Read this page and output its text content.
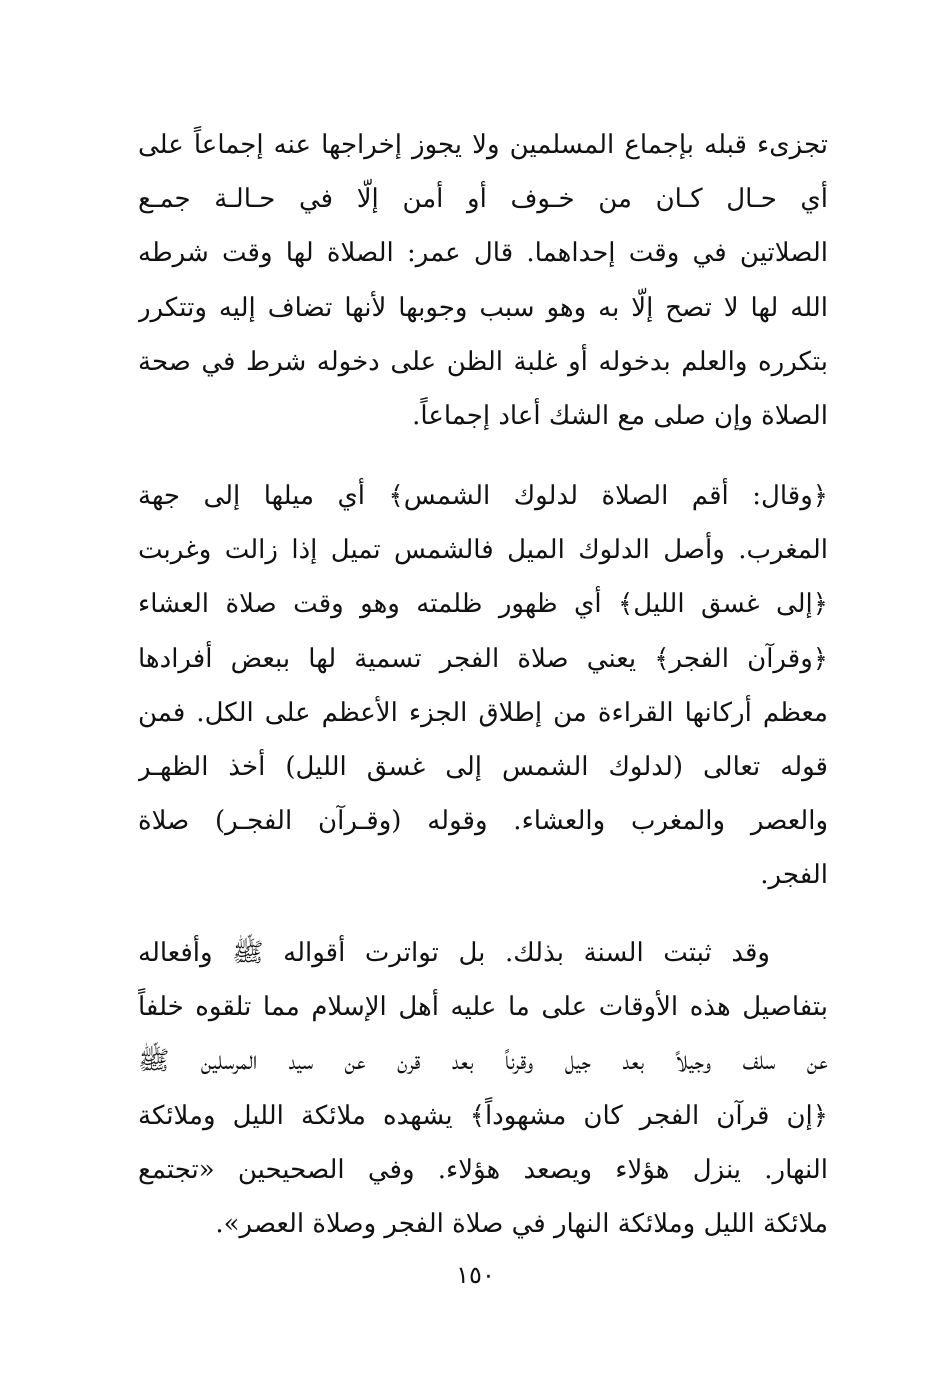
تجزىء قبله بإجماع المسلمين ولا يجوز إخراجها عنه إجماعاً على
أي حـال كـان من خـوف أو أمن إلّا في حـالـة جمـع
الصلاتين في وقت إحداهما. قال عمر: الصلاة لها وقت شرطه
الله لها لا تصح إلّا به وهو سبب وجوبها لأنها تضاف إليه وتتكرر
بتكرره والعلم بدخوله أو غلبة الظن على دخوله شرط في صحة
الصلاة وإن صلى مع الشك أعاد إجماعاً.
﴿وقال: أقم الصلاة لدلوك الشمس﴾ أي ميلها إلى جهة
المغرب. وأصل الدلوك الميل فالشمس تميل إذا زالت وغربت
﴿إلى غسق الليل﴾ أي ظهور ظلمته وهو وقت صلاة العشاء
﴿وقرآن الفجر﴾ يعني صلاة الفجر تسمية لها ببعض أفرادها
معظم أركانها القراءة من إطلاق الجزء الأعظم على الكل. فمن
قوله تعالى (لدلوك الشمس إلى غسق الليل) أخذ الظهـر
والعصر والمغرب والعشاء. وقوله (وقـرآن الفجـر) صلاة
الفجر.
وقد ثبتت السنة بذلك. بل تواترت أقواله ﷺ وأفعاله
بتفاصيل هذه الأوقات على ما عليه أهل الإسلام مما تلقوه خلفاً
عن سلف وجيلاً بعد جيل وقرناً بعد قرن عن سيد المرسلين ﷺ
﴿إن قرآن الفجر كان مشهوداً﴾ يشهده ملائكة الليل وملائكة
النهار. ينزل هؤلاء ويصعد هؤلاء. وفي الصحيحين «تجتمع
ملائكة الليل وملائكة النهار في صلاة الفجر وصلاة العصر».
١٥٠
